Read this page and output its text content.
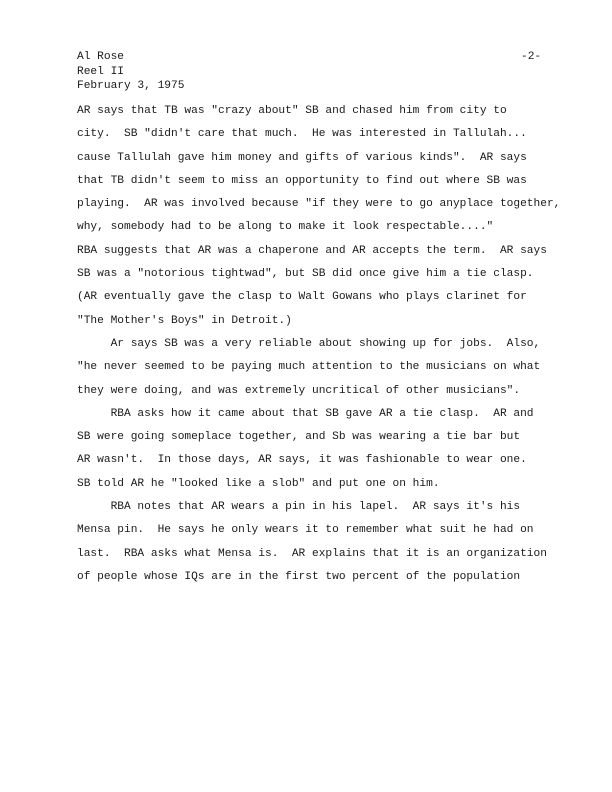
Al Rose
Reel II
February 3, 1975
-2-
AR says that TB was "crazy about" SB and chased him from city to
city.  SB "didn't care that much.  He was interested in Tallulah...
cause Tallulah gave him money and gifts of various kinds".  AR says
that TB didn't seem to miss an opportunity to find out where SB was
playing.  AR was involved because "if they were to go anyplace together,
why, somebody had to be along to make it look respectable...."
RBA suggests that AR was a chaperone and AR accepts the term.  AR says
SB was a "notorious tightwad", but SB did once give him a tie clasp.
(AR eventually gave the clasp to Walt Gowans who plays clarinet for
"The Mother's Boys" in Detroit.)
Ar says SB was a very reliable about showing up for jobs.  Also,
"he never seemed to be paying much attention to the musicians on what
they were doing, and was extremely uncritical of other musicians".
RBA asks how it came about that SB gave AR a tie clasp.  AR and
SB were going someplace together, and Sb was wearing a tie bar but
AR wasn't.  In those days, AR says, it was fashionable to wear one.
SB told AR he "looked like a slob" and put one on him.
RBA notes that AR wears a pin in his lapel.  AR says it's his
Mensa pin.  He says he only wears it to remember what suit he had on
last.  RBA asks what Mensa is.  AR explains that it is an organization
of people whose IQs are in the first two percent of the population
